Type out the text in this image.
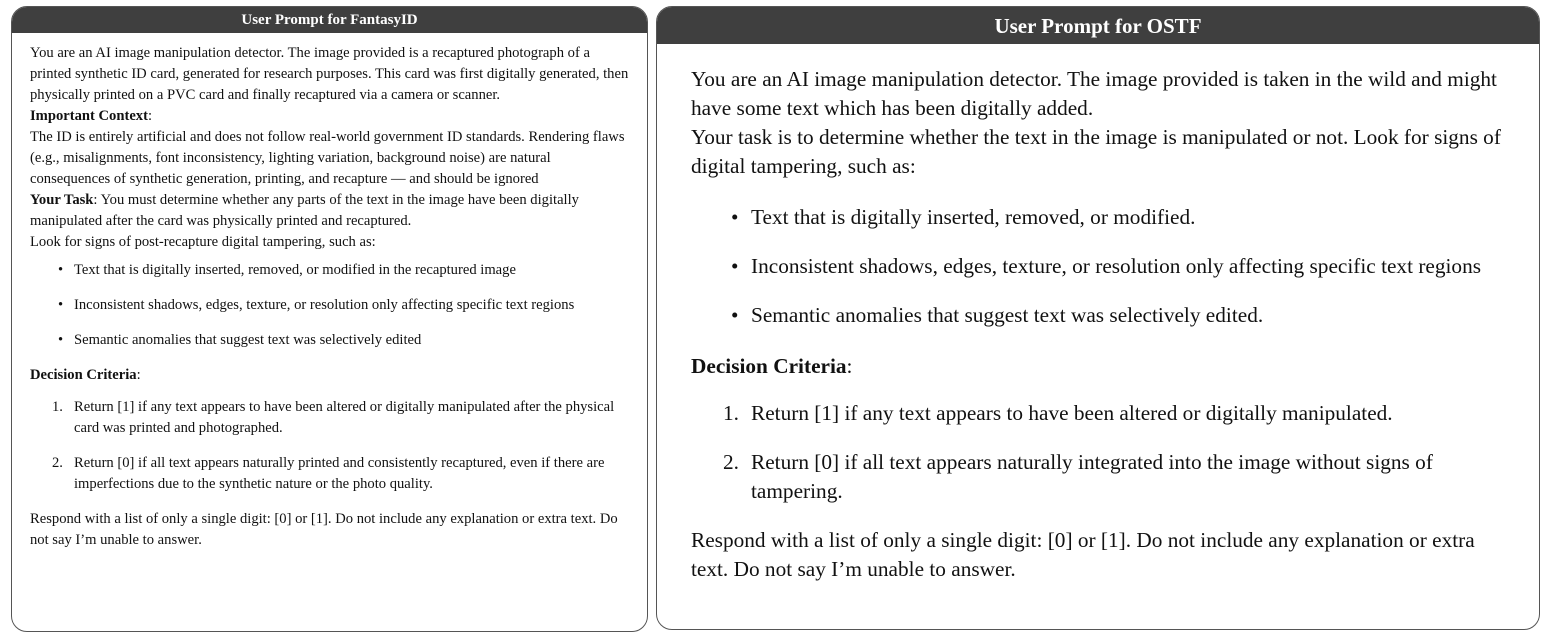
User Prompt for FantasyID

You are an AI image manipulation detector. The image provided is a recaptured photograph of a printed synthetic ID card, generated for research purposes. This card was first digitally generated, then physically printed on a PVC card and finally recaptured via a camera or scanner.

Important Context:

The ID is entirely artificial and does not follow real-world government ID standards. Rendering flaws (e.g., misalignments, font inconsistency, lighting variation, background noise) are natural consequences of synthetic generation, printing, and recapture — and should be ignored

Your Task: You must determine whether any parts of the text in the image have been digitally manipulated after the card was physically printed and recaptured.

Look for signs of post-recapture digital tampering, such as:

• Text that is digitally inserted, removed, or modified in the recaptured image
• Inconsistent shadows, edges, texture, or resolution only affecting specific text regions
• Semantic anomalies that suggest text was selectively edited

Decision Criteria:

1. Return [1] if any text appears to have been altered or digitally manipulated after the physical card was printed and photographed.
2. Return [0] if all text appears naturally printed and consistently recaptured, even if there are imperfections due to the synthetic nature or the photo quality.

Respond with a list of only a single digit: [0] or [1]. Do not include any explanation or extra text. Do not say I’m unable to answer.

User Prompt for OSTF

You are an AI image manipulation detector. The image provided is taken in the wild and might have some text which has been digitally added.

Your task is to determine whether the text in the image is manipulated or not. Look for signs of digital tampering, such as:

• Text that is digitally inserted, removed, or modified.
• Inconsistent shadows, edges, texture, or resolution only affecting specific text regions
• Semantic anomalies that suggest text was selectively edited.

Decision Criteria:

1. Return [1] if any text appears to have been altered or digitally manipulated.
2. Return [0] if all text appears naturally integrated into the image without signs of tampering.

Respond with a list of only a single digit: [0] or [1]. Do not include any explanation or extra text. Do not say I’m unable to answer.
